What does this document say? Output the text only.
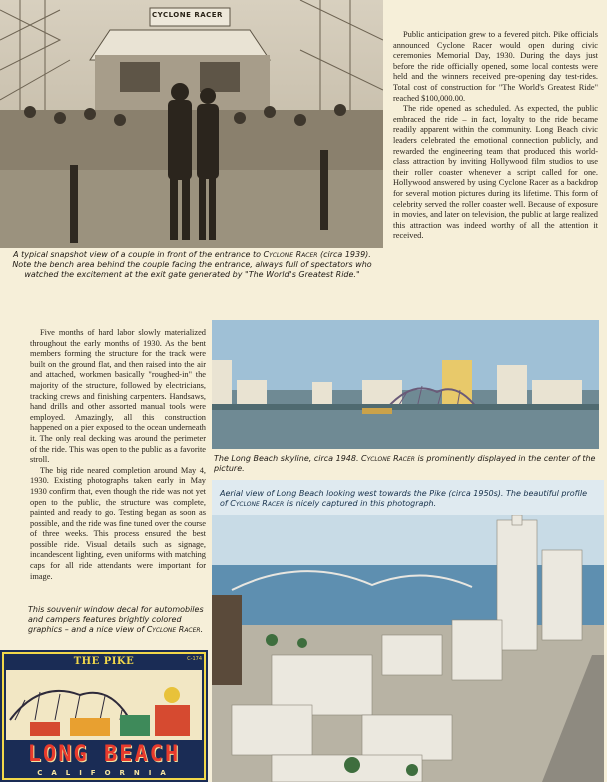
CYCLONE RACER
A typical snapshot view of a couple in front of the entrance to Cyclone Racer (circa 1939). Note the bench area behind the couple facing the entrance, always full of spectators who watched the excitement at the exit gate generated by "The World's Greatest Ride."

Public anticipation grew to a fevered pitch. Pike officials announced Cyclone Racer would open during civic ceremonies Memorial Day, 1930. During the days just before the ride officially opened, some local contests were held and the winners received pre-opening day test-rides. Total cost of construction for "The World's Greatest Ride" reached $100,000.00.

The ride opened as scheduled. As expected, the public embraced the ride – in fact, loyalty to the ride became readily apparent within the community. Long Beach civic leaders celebrated the emotional connection publicly, and rewarded the engineering team that produced this world-class attraction by inviting Hollywood film studios to use their roller coaster whenever a script called for one. Hollywood answered by using Cyclone Racer as a backdrop for several motion pictures during its lifetime. This form of celebrity served the roller coaster well. Because of exposure in movies, and later on television, the public at large realized this attraction was indeed worthy of all the attention it received.

Five months of hard labor slowly materialized throughout the early months of 1930. As the bent members forming the structure for the track were built on the ground flat, and then raised into the air and attached, workmen basically "roughed-in" the majority of the structure, followed by electricians, tracking crews and finishing carpenters. Handsaws, hand drills and other assorted manual tools were employed. Amazingly, all this construction happened on a pier exposed to the ocean underneath it. The only real decking was around the perimeter of the ride. This was open to the public as a favorite stroll.

The big ride neared completion around May 4, 1930. Existing photographs taken early in May 1930 confirm that, even though the ride was not yet open to the public, the structure was complete, painted and ready to go. Testing began as soon as possible, and the ride was fine tuned over the course of three weeks. This process ensured the best possible ride. Visual details such as signage, incandescent lighting, even uniforms with matching caps for all ride attendants were important for image.

The Long Beach skyline, circa 1948. Cyclone Racer is prominently displayed in the center of the picture.
Aerial view of Long Beach looking west towards the Pike (circa 1950s). The beautiful profile of Cyclone Racer is nicely captured in this photograph.
This souvenir window decal for automobiles and campers features brightly colored graphics – and a nice view of Cyclone Racer.
THE PIKE	C-174
LONG BEACH
CALIFORNIA
